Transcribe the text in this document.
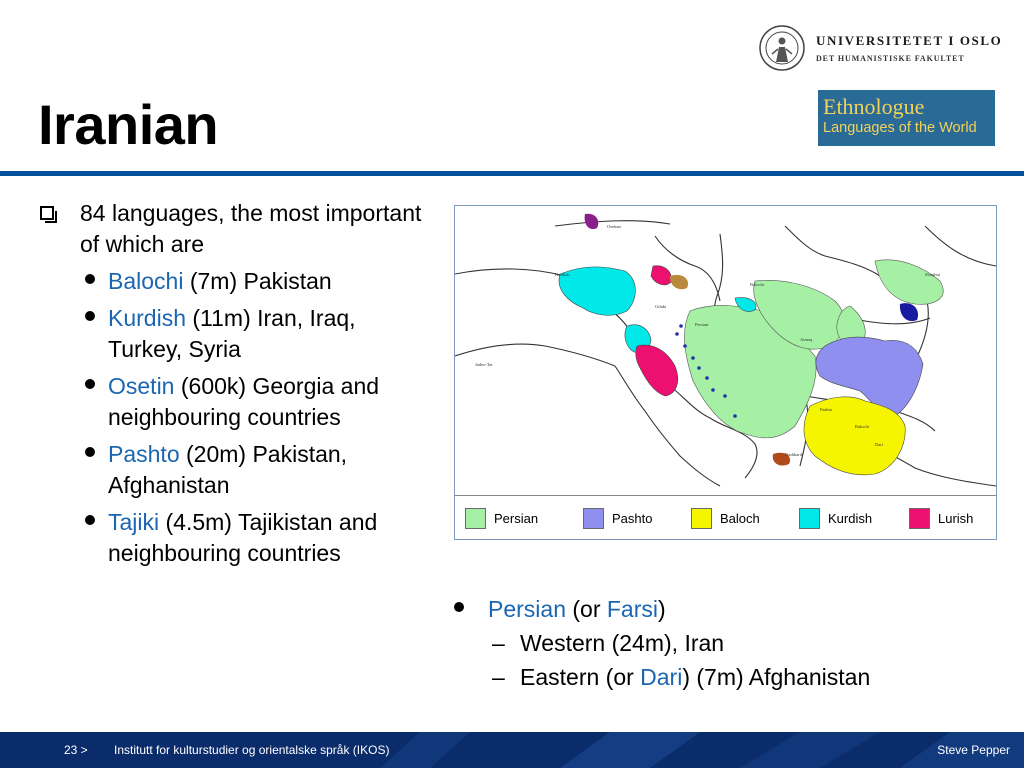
UNIVERSITETET I OSLO
DET HUMANISTISKE FAKULTET
Iranian	Ethnologue
Languages of the World
84 languages, the most important of which are
Balochi (7m) Pakistan
Kurdish (11m) Iran, Iraq, Turkey, Syria
Osetin (600k) Georgia and neighbouring countries
Pashto (20m) Pakistan, Afghanistan
Tajiki (4.5m) Tajikistan and neighbouring countries
Osetian
Kurdish
Balochi
Aimaq
Dari
Balochi
Pashto
Persian
Shughni
Gilaki
Bashkardi
Judeo-Tat
Persian	Pashto	Baloch	Kurdish	Lurish
Persian (or Farsi)
– Western (24m), Iran
– Eastern (or Dari) (7m) Afghanistan
23 > Institutt for kulturstudier og orientalske språk (IKOS)	Steve Pepper
